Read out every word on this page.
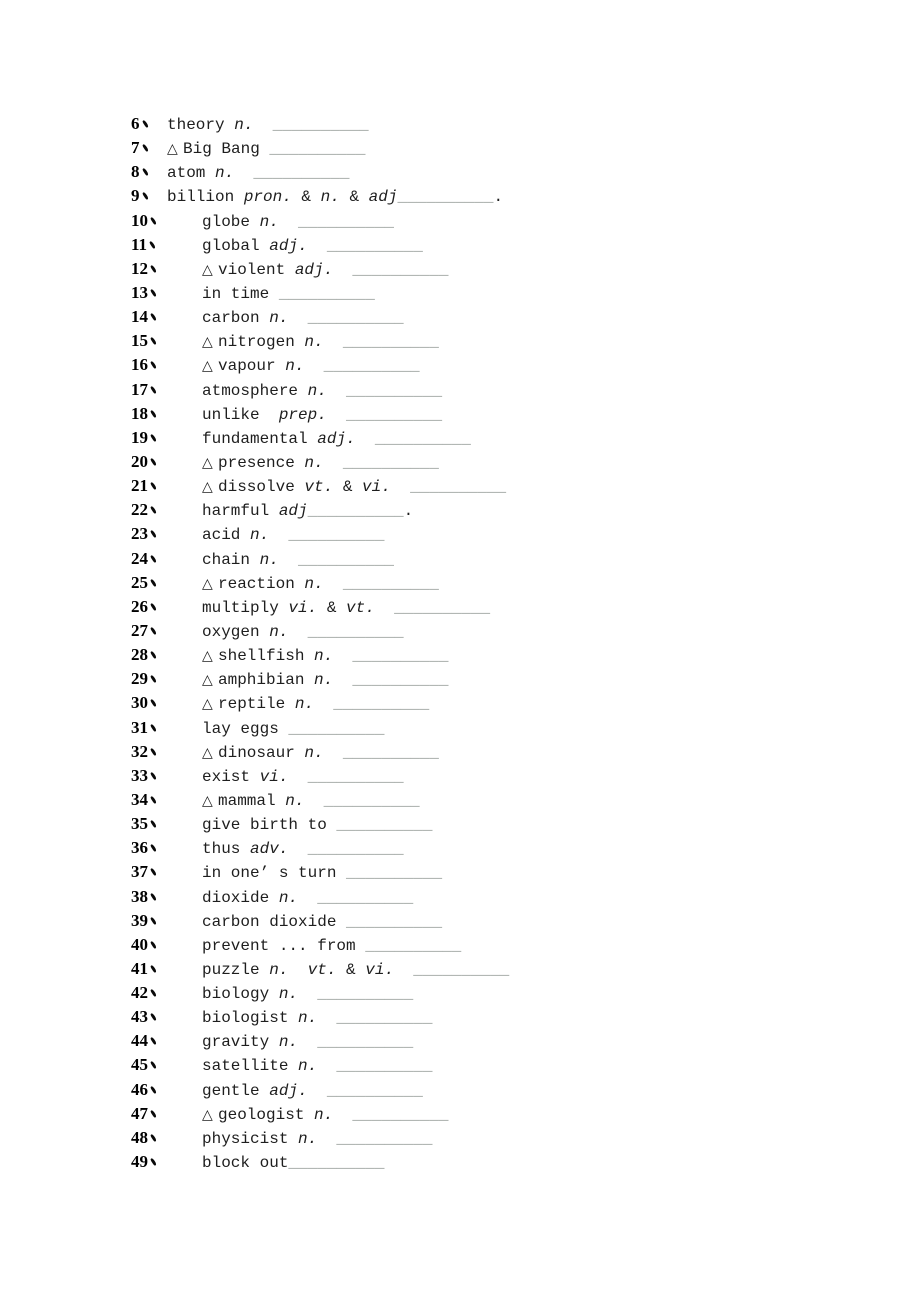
6 theory n. __________
7 △ Big Bang __________
8 atom n. __________
9 billion pron. & n. & adj__________.
10	globe n. __________
11	global adj. __________
12	△ violent adj. __________
13	in time __________
14	carbon n. __________
15	△ nitrogen n. __________
16	△ vapour n. __________
17	atmosphere n. __________
18	unlike  prep. __________
19	fundamental adj. __________
20	△ presence n. __________
21	△ dissolve vt. & vi. __________
22	harmful adj__________.
23	acid n. __________
24	chain n. __________
25	△ reaction n. __________
26	multiply vi. & vt. __________
27	oxygen n. __________
28	△ shellfish n. __________
29	△ amphibian n. __________
30	△ reptile n. __________
31	lay eggs __________
32	△ dinosaur n. __________
33	exist vi. __________
34	△ mammal n. __________
35	give birth to __________
36	thus adv. __________
37	in one’ s turn __________
38	dioxide n. __________
39	carbon dioxide __________
40	prevent ... from __________
41	puzzle n. vt. & vi. __________
42	biology n. __________
43	biologist n. __________
44	gravity n. __________
45	satellite n. __________
46	gentle adj. __________
47	△ geologist n. __________
48	physicist n. __________
49	block out__________
